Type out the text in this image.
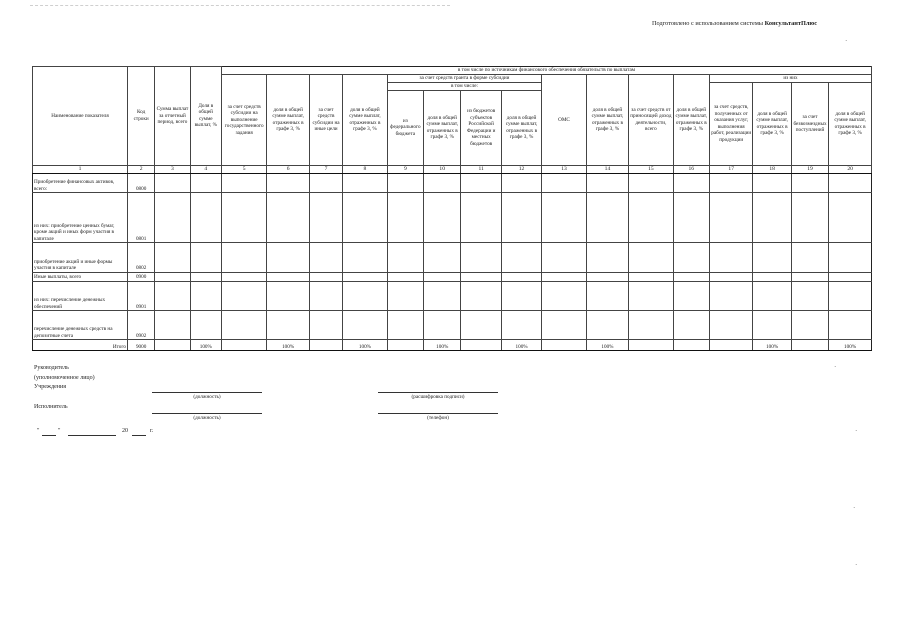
Подготовлено с использованием системы КонсультантПлюс
·
·
·
·
·
Наименование показателя	Код строки	Сумма выплат за отчетный период, всего	Доля в общей сумме выплат, %	в том числе по источникам финансового обеспечения обязательств по выплатам															
				за счет средств субсидии на выполнение государственного задания	доля в общей сумме выплат, отраженных в графе 3, %	за счет средств субсидии на иные цели	доля в общей сумме выплат, отраженных в графе 3, %	за счет средств гранта в форме субсидии				ОМС	доля в общей сумме выплат, отраженных в графе 3, %	за счет средств от приносящей доход деятельности, всего	доля в общей сумме выплат, отраженных в графе 3, %	из них			
								в том числе:								за счет средств, полученных от оказания услуг, выполнения работ, реализации продукции	доля в общей сумме выплат, отраженных в графе 3, %	за счет безвозмездных поступлений	доля в общей сумме выплат, отраженных в графе 3, %
								из федерального бюджета	доля в общей сумме выплат, отраженных в графе 3, %	из бюджетов субъектов Российской Федерации и местных бюджетов	доля в общей сумме выплат, отраженных в графе 3, %								
1	2	3	4	5	6	7	8	9	10	11	12	13	14	15	16	17	18	19	20
Приобретение финансовых активов, всего:	0800																		
из них: приобретение ценных бумаг, кроме акций и иных форм участия в капитале	0801																		
приобретение акций и иные формы участия в капитале	0802																		
Иные выплаты, всего	0900																		
из них: перечисление денежных обеспечений	0901																		
перечисление денежных средств на депозитные счета	0902																		
Итого	9000		100%		100%		100%		100%		100%		100%				100%		100%
Руководитель
(уполномоченное лицо)
Учреждения
(должность)	(расшифровка подписи)
Исполнитель
(должность)	(телефон)
"	"	20	г.
